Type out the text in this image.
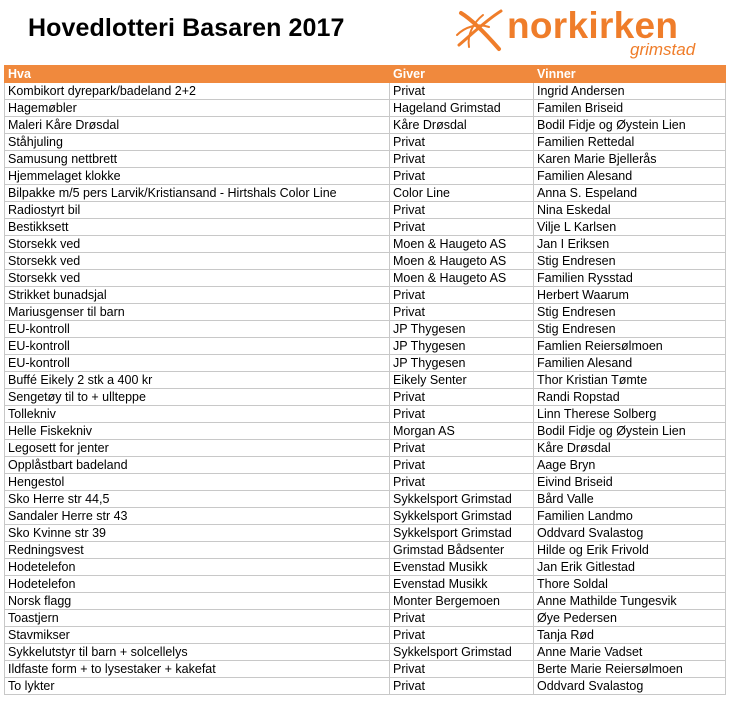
Hovedlotteri Basaren 2017	norkirken
grimstad
Hva	Giver	Vinner
Kombikort dyrepark/badeland 2+2	Privat	Ingrid Andersen
Hagemøbler	Hageland Grimstad	Familen Briseid
Maleri Kåre Drøsdal	Kåre Drøsdal	Bodil Fidje og Øystein Lien
Ståhjuling	Privat	Familien Rettedal
Samusung nettbrett	Privat	Karen Marie Bjellerås
Hjemmelaget klokke	Privat	Familien Alesand
Bilpakke m/5 pers Larvik/Kristiansand - Hirtshals Color Line	Color Line	Anna S. Espeland
Radiostyrt bil	Privat	Nina Eskedal
Bestikksett	Privat	Vilje L Karlsen
Storsekk ved	Moen & Haugeto AS	Jan I Eriksen
Storsekk ved	Moen & Haugeto AS	Stig Endresen
Storsekk ved	Moen & Haugeto AS	Familien Rysstad
Strikket bunadsjal	Privat	Herbert Waarum
Mariusgenser til barn	Privat	Stig Endresen
EU-kontroll	JP Thygesen	Stig Endresen
EU-kontroll	JP Thygesen	Famlien Reiersølmoen
EU-kontroll	JP Thygesen	Familien Alesand
Buffé Eikely 2 stk a 400 kr	Eikely Senter	Thor Kristian Tømte
Sengetøy til to + ullteppe	Privat	Randi Ropstad
Tollekniv	Privat	Linn Therese Solberg
Helle Fiskekniv	Morgan AS	Bodil Fidje og Øystein Lien
Legosett for jenter	Privat	Kåre Drøsdal
Opplåstbart badeland	Privat	Aage Bryn
Hengestol	Privat	Eivind Briseid
Sko Herre str 44,5	Sykkelsport Grimstad	Bård Valle
Sandaler Herre str 43	Sykkelsport Grimstad	Familien Landmo
Sko Kvinne str 39	Sykkelsport Grimstad	Oddvard Svalastog
Redningsvest	Grimstad Bådsenter	Hilde og Erik Frivold
Hodetelefon	Evenstad Musikk	Jan Erik Gitlestad
Hodetelefon	Evenstad Musikk	Thore Soldal
Norsk flagg	Monter Bergemoen	Anne Mathilde Tungesvik
Toastjern	Privat	Øye Pedersen
Stavmikser	Privat	Tanja Rød
Sykkelutstyr til barn + solcellelys	Sykkelsport Grimstad	Anne Marie Vadset
Ildfaste form + to lysestaker + kakefat	Privat	Berte Marie Reiersølmoen
To lykter	Privat	Oddvard Svalastog
